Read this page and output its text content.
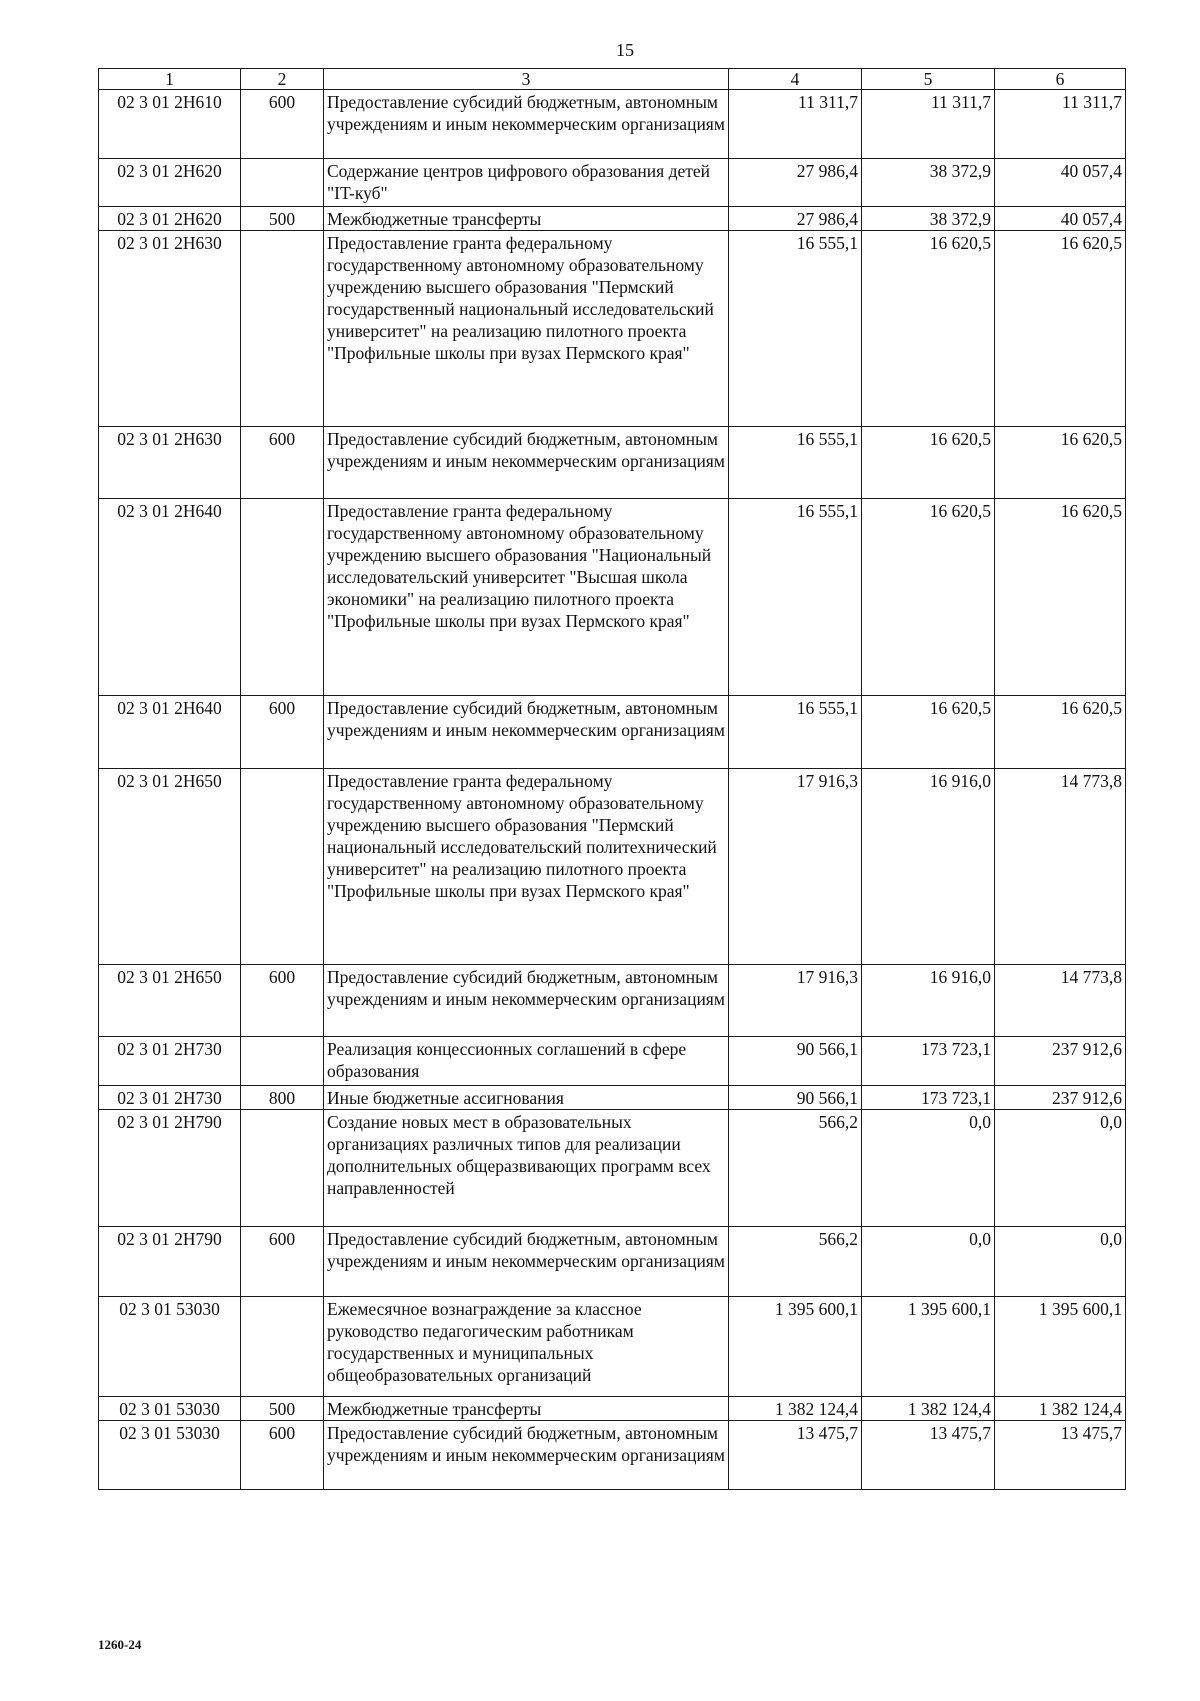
15
1	2	3	4	5	6
02 3 01 2Н610	600	Предоставление субсидий бюджетным, автономным учреждениям и иным некоммерческим организациям	11 311,7	11 311,7	11 311,7
02 3 01 2Н620		Содержание центров цифрового образования детей "IT-куб"	27 986,4	38 372,9	40 057,4
02 3 01 2Н620	500	Межбюджетные трансферты	27 986,4	38 372,9	40 057,4
02 3 01 2Н630		Предоставление гранта федеральному государственному автономному образовательному учреждению высшего образования "Пермский государственный национальный исследовательский университет" на реализацию пилотного проекта "Профильные школы при вузах Пермского края"	16 555,1	16 620,5	16 620,5
02 3 01 2Н630	600	Предоставление субсидий бюджетным, автономным учреждениям и иным некоммерческим организациям	16 555,1	16 620,5	16 620,5
02 3 01 2Н640		Предоставление гранта федеральному государственному автономному образовательному учреждению высшего образования "Национальный исследовательский университет "Высшая школа экономики" на реализацию пилотного проекта "Профильные школы при вузах Пермского края"	16 555,1	16 620,5	16 620,5
02 3 01 2Н640	600	Предоставление субсидий бюджетным, автономным учреждениям и иным некоммерческим организациям	16 555,1	16 620,5	16 620,5
02 3 01 2Н650		Предоставление гранта федеральному государственному автономному образовательному учреждению высшего образования "Пермский национальный исследовательский политехнический университет" на реализацию пилотного проекта "Профильные школы при вузах Пермского края"	17 916,3	16 916,0	14 773,8
02 3 01 2Н650	600	Предоставление субсидий бюджетным, автономным учреждениям и иным некоммерческим организациям	17 916,3	16 916,0	14 773,8
02 3 01 2Н730		Реализация концессионных соглашений в сфере образования	90 566,1	173 723,1	237 912,6
02 3 01 2Н730	800	Иные бюджетные ассигнования	90 566,1	173 723,1	237 912,6
02 3 01 2Н790		Создание новых мест в образовательных организациях различных типов для реализации дополнительных общеразвивающих программ всех направленностей	566,2	0,0	0,0
02 3 01 2Н790	600	Предоставление субсидий бюджетным, автономным учреждениям и иным некоммерческим организациям	566,2	0,0	0,0
02 3 01 53030		Ежемесячное вознаграждение за классное руководство педагогическим работникам государственных и муниципальных общеобразовательных организаций	1 395 600,1	1 395 600,1	1 395 600,1
02 3 01 53030	500	Межбюджетные трансферты	1 382 124,4	1 382 124,4	1 382 124,4
02 3 01 53030	600	Предоставление субсидий бюджетным, автономным учреждениям и иным некоммерческим организациям	13 475,7	13 475,7	13 475,7
1260-24
